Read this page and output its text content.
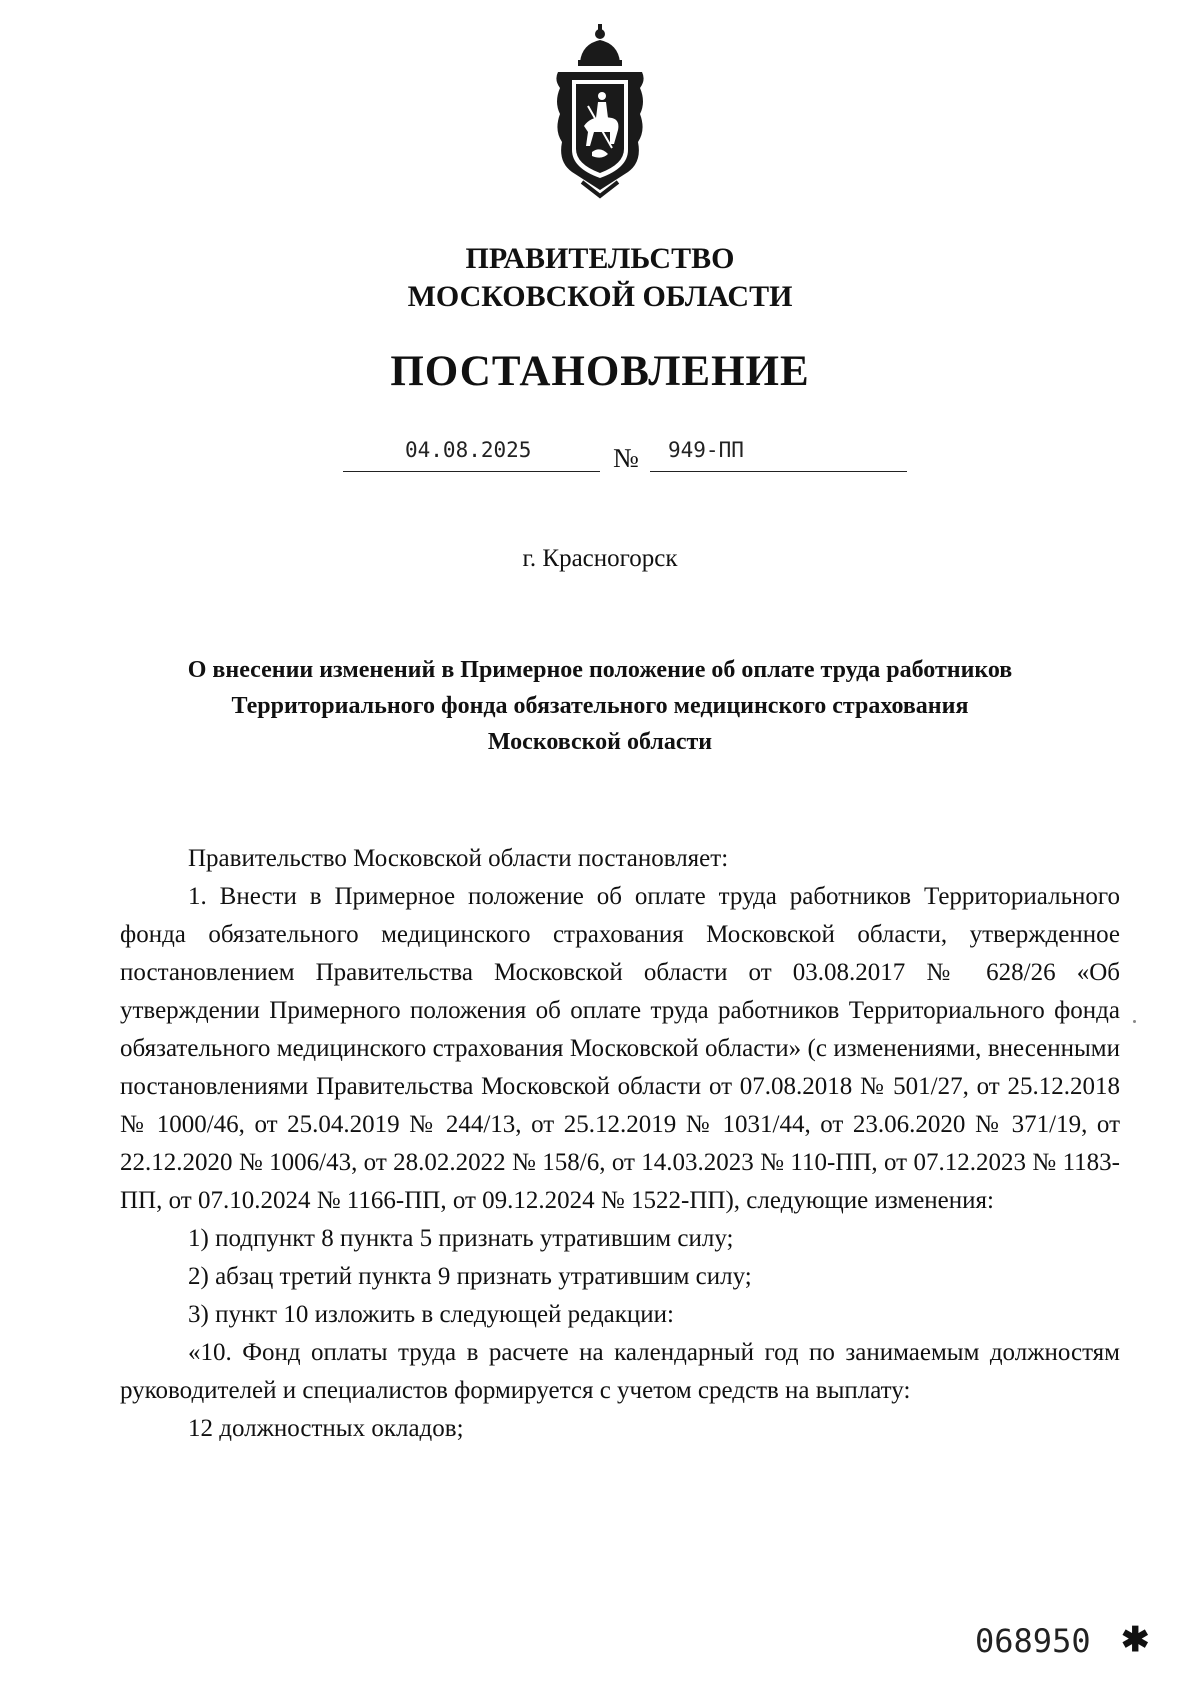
ПРАВИТЕЛЬСТВО
МОСКОВСКОЙ ОБЛАСТИ
ПОСТАНОВЛЕНИЕ
04.08.2025	№ 949-ПП
г. Красногорск
О внесении изменений в Примерное положение об оплате труда работников
Территориального фонда обязательного медицинского страхования
Московской области

Правительство Московской области постановляет:

1. Внести в Примерное положение об оплате труда работников Территориального фонда обязательного медицинского страхования Московской области, утвержденное постановлением Правительства Московской области от 03.08.2017 № 628/26 «Об утверждении Примерного положения об оплате труда работников Территориального фонда обязательного медицинского страхования Московской области» (с изменениями, внесенными постановлениями Правительства Московской области от 07.08.2018 № 501/27, от 25.12.2018 № 1000/46, от 25.04.2019 № 244/13, от 25.12.2019 № 1031/44, от 23.06.2020 № 371/19, от 22.12.2020 № 1006/43, от 28.02.2022 № 158/6, от 14.03.2023 № 110-ПП, от 07.12.2023 № 1183-ПП, от 07.10.2024 № 1166-ПП, от 09.12.2024 № 1522-ПП), следующие изменения:

1) подпункт 8 пункта 5 признать утратившим силу;

2) абзац третий пункта 9 признать утратившим силу;

3) пункт 10 изложить в следующей редакции:

«10. Фонд оплаты труда в расчете на календарный год по занимаемым должностям руководителей и специалистов формируется с учетом средств на выплату:

12 должностных окладов;

068950 ✱
